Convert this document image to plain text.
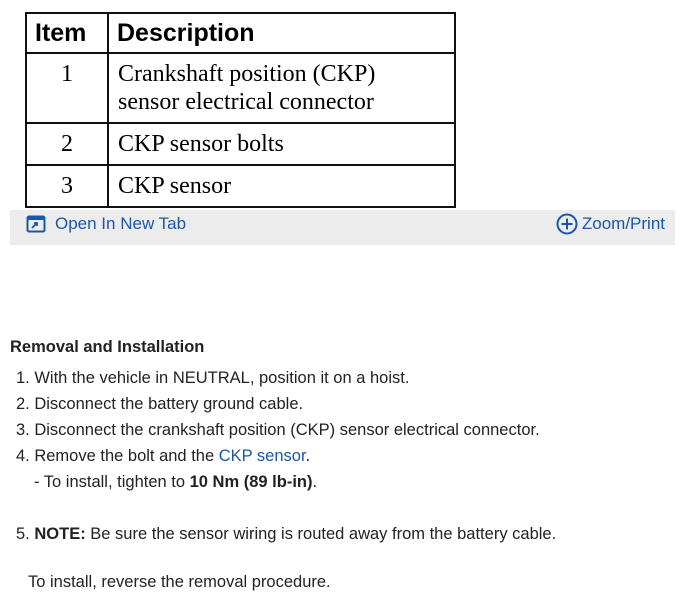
Item	Description
1	Crankshaft position (CKP)
sensor electrical connector

2	CKP sensor bolts
3	CKP sensor
Open In New Tab	Zoom/Print
Removal and Installation
1. With the vehicle in NEUTRAL, position it on a hoist.
2. Disconnect the battery ground cable.
3. Disconnect the crankshaft position (CKP) sensor electrical connector.
4. Remove the bolt and the CKP sensor.
- To install, tighten to 10 Nm (89 lb-in).
5. NOTE: Be sure the sensor wiring is routed away from the battery cable.
To install, reverse the removal procedure.
